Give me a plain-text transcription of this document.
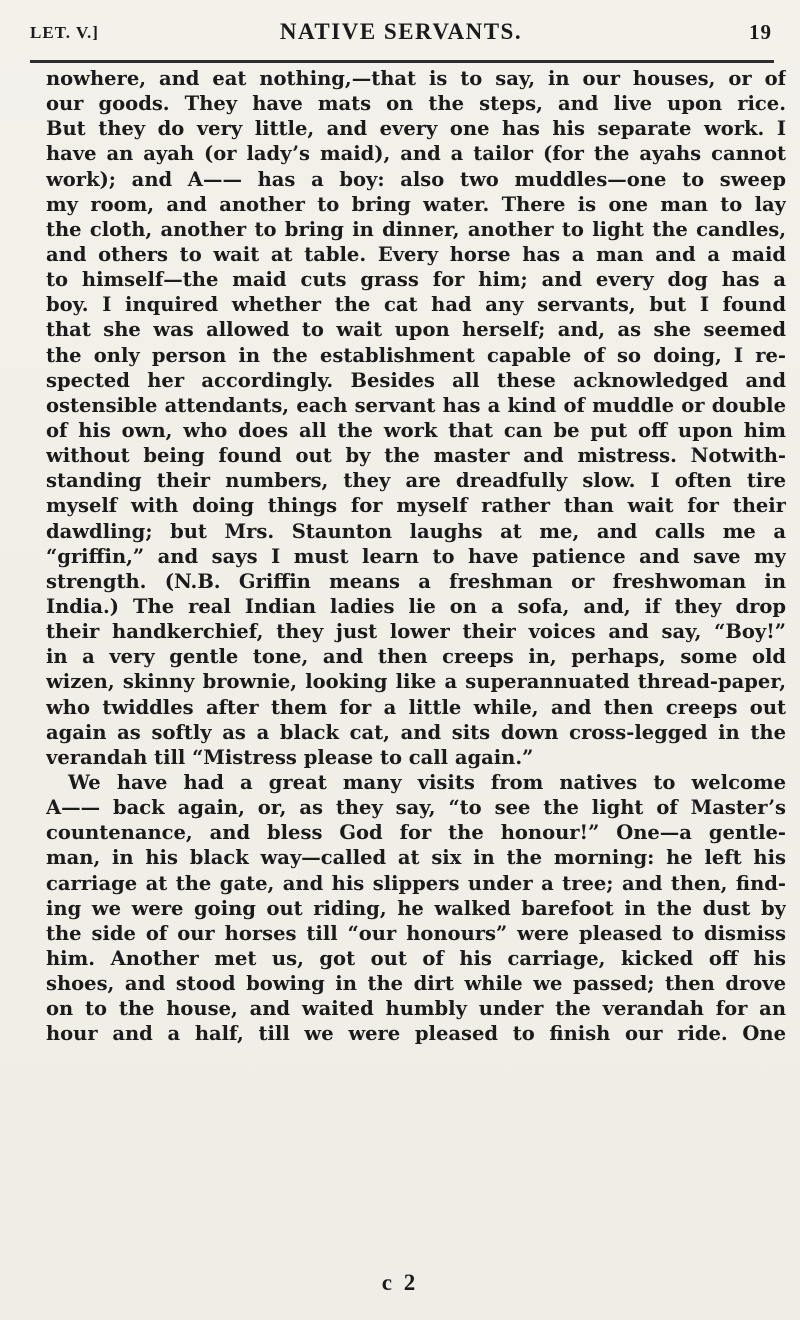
LET. V.]	NATIVE SERVANTS.	19
nowhere, and eat nothing,—that is to say, in our houses, or of
our goods. They have mats on the steps, and live upon rice.
But they do very little, and every one has his separate work. I
have an ayah (or lady’s maid), and a tailor (for the ayahs cannot
work); and A—— has a boy: also two muddles—one to sweep
my room, and another to bring water. There is one man to lay
the cloth, another to bring in dinner, another to light the candles,
and others to wait at table. Every horse has a man and a maid
to himself—the maid cuts grass for him; and every dog has a
boy. I inquired whether the cat had any servants, but I found
that she was allowed to wait upon herself; and, as she seemed
the only person in the establishment capable of so doing, I re-
spected her accordingly. Besides all these acknowledged and
ostensible attendants, each servant has a kind of muddle or double
of his own, who does all the work that can be put off upon him
without being found out by the master and mistress. Notwith-
standing their numbers, they are dreadfully slow. I often tire
myself with doing things for myself rather than wait for their
dawdling; but Mrs. Staunton laughs at me, and calls me a
“griffin,” and says I must learn to have patience and save my
strength. (N.B. Griffin means a freshman or freshwoman in
India.) The real Indian ladies lie on a sofa, and, if they drop
their handkerchief, they just lower their voices and say, “Boy!”
in a very gentle tone, and then creeps in, perhaps, some old
wizen, skinny brownie, looking like a superannuated thread-paper,
who twiddles after them for a little while, and then creeps out
again as softly as a black cat, and sits down cross-legged in the
verandah till “Mistress please to call again.”
We have had a great many visits from natives to welcome
A—— back again, or, as they say, “to see the light of Master’s
countenance, and bless God for the honour!” One—a gentle-
man, in his black way—called at six in the morning: he left his
carriage at the gate, and his slippers under a tree; and then, find-
ing we were going out riding, he walked barefoot in the dust by
the side of our horses till “our honours” were pleased to dismiss
him. Another met us, got out of his carriage, kicked off his
shoes, and stood bowing in the dirt while we passed; then drove
on to the house, and waited humbly under the verandah for an
hour and a half, till we were pleased to finish our ride. One
c 2
